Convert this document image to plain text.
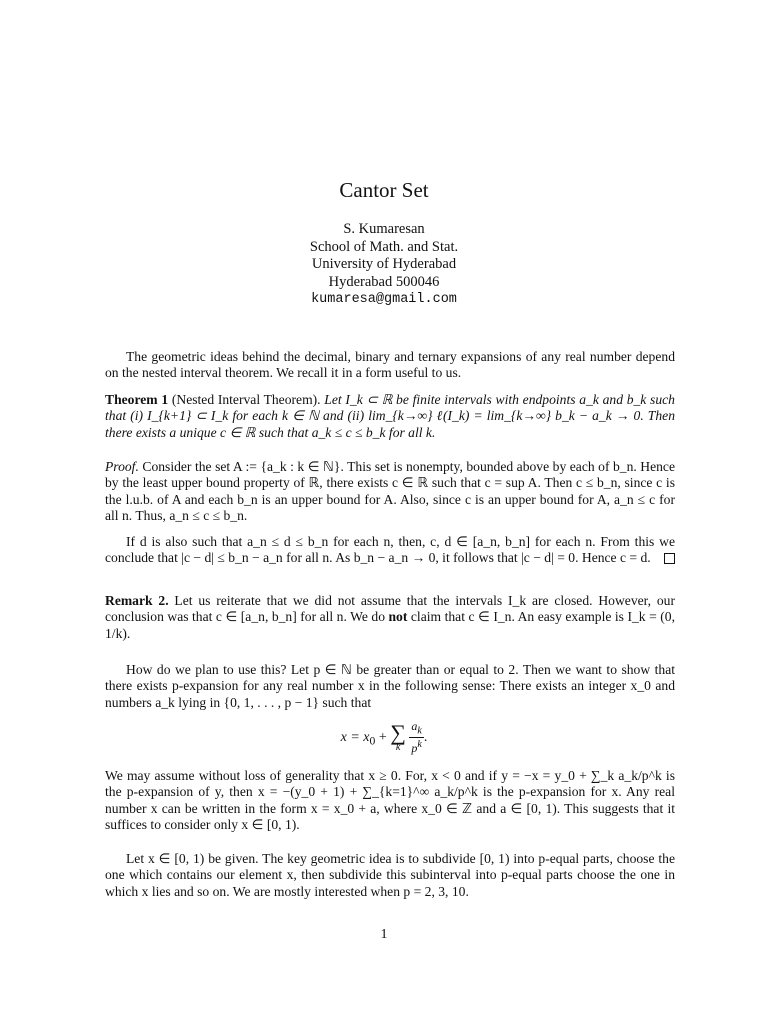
Cantor Set
S. Kumaresan
School of Math. and Stat.
University of Hyderabad
Hyderabad 500046
kumaresa@gmail.com
The geometric ideas behind the decimal, binary and ternary expansions of any real number depend on the nested interval theorem. We recall it in a form useful to us.
Theorem 1 (Nested Interval Theorem). Let I_k ⊂ ℝ be finite intervals with endpoints a_k and b_k such that (i) I_{k+1} ⊂ I_k for each k ∈ ℕ and (ii) lim_{k→∞} ℓ(I_k) = lim_{k→∞} b_k − a_k → 0. Then there exists a unique c ∈ ℝ such that a_k ≤ c ≤ b_k for all k.
Proof. Consider the set A := {a_k : k ∈ ℕ}. This set is nonempty, bounded above by each of b_n. Hence by the least upper bound property of ℝ, there exists c ∈ ℝ such that c = sup A. Then c ≤ b_n, since c is the l.u.b. of A and each b_n is an upper bound for A. Also, since c is an upper bound for A, a_n ≤ c for all n. Thus, a_n ≤ c ≤ b_n.
If d is also such that a_n ≤ d ≤ b_n for each n, then, c, d ∈ [a_n, b_n] for each n. From this we conclude that |c − d| ≤ b_n − a_n for all n. As b_n − a_n → 0, it follows that |c − d| = 0. Hence c = d.
Remark 2. Let us reiterate that we did not assume that the intervals I_k are closed. However, our conclusion was that c ∈ [a_n, b_n] for all n. We do not claim that c ∈ I_n. An easy example is I_k = (0, 1/k).
How do we plan to use this? Let p ∈ ℕ be greater than or equal to 2. Then we want to show that there exists p-expansion for any real number x in the following sense: There exists an integer x_0 and numbers a_k lying in {0, 1, . . . , p − 1} such that
$x = x_0$ + ∑
k
$\frac{a_k}{p^k}$ .
We may assume without loss of generality that x ≥ 0. For, x < 0 and if y = −x = y_0 + ∑_k a_k/p^k is the p-expansion of y, then x = −(y_0 + 1) + ∑_{k=1}^∞ a_k/p^k is the p-expansion for x. Any real number x can be written in the form x = x_0 + a, where x_0 ∈ ℤ and a ∈ [0, 1). This suggests that it suffices to consider only x ∈ [0, 1).
Let x ∈ [0, 1) be given. The key geometric idea is to subdivide [0, 1) into p-equal parts, choose the one which contains our element x, then subdivide this subinterval into p-equal parts choose the one in which x lies and so on. We are mostly interested when p = 2, 3, 10.
1
